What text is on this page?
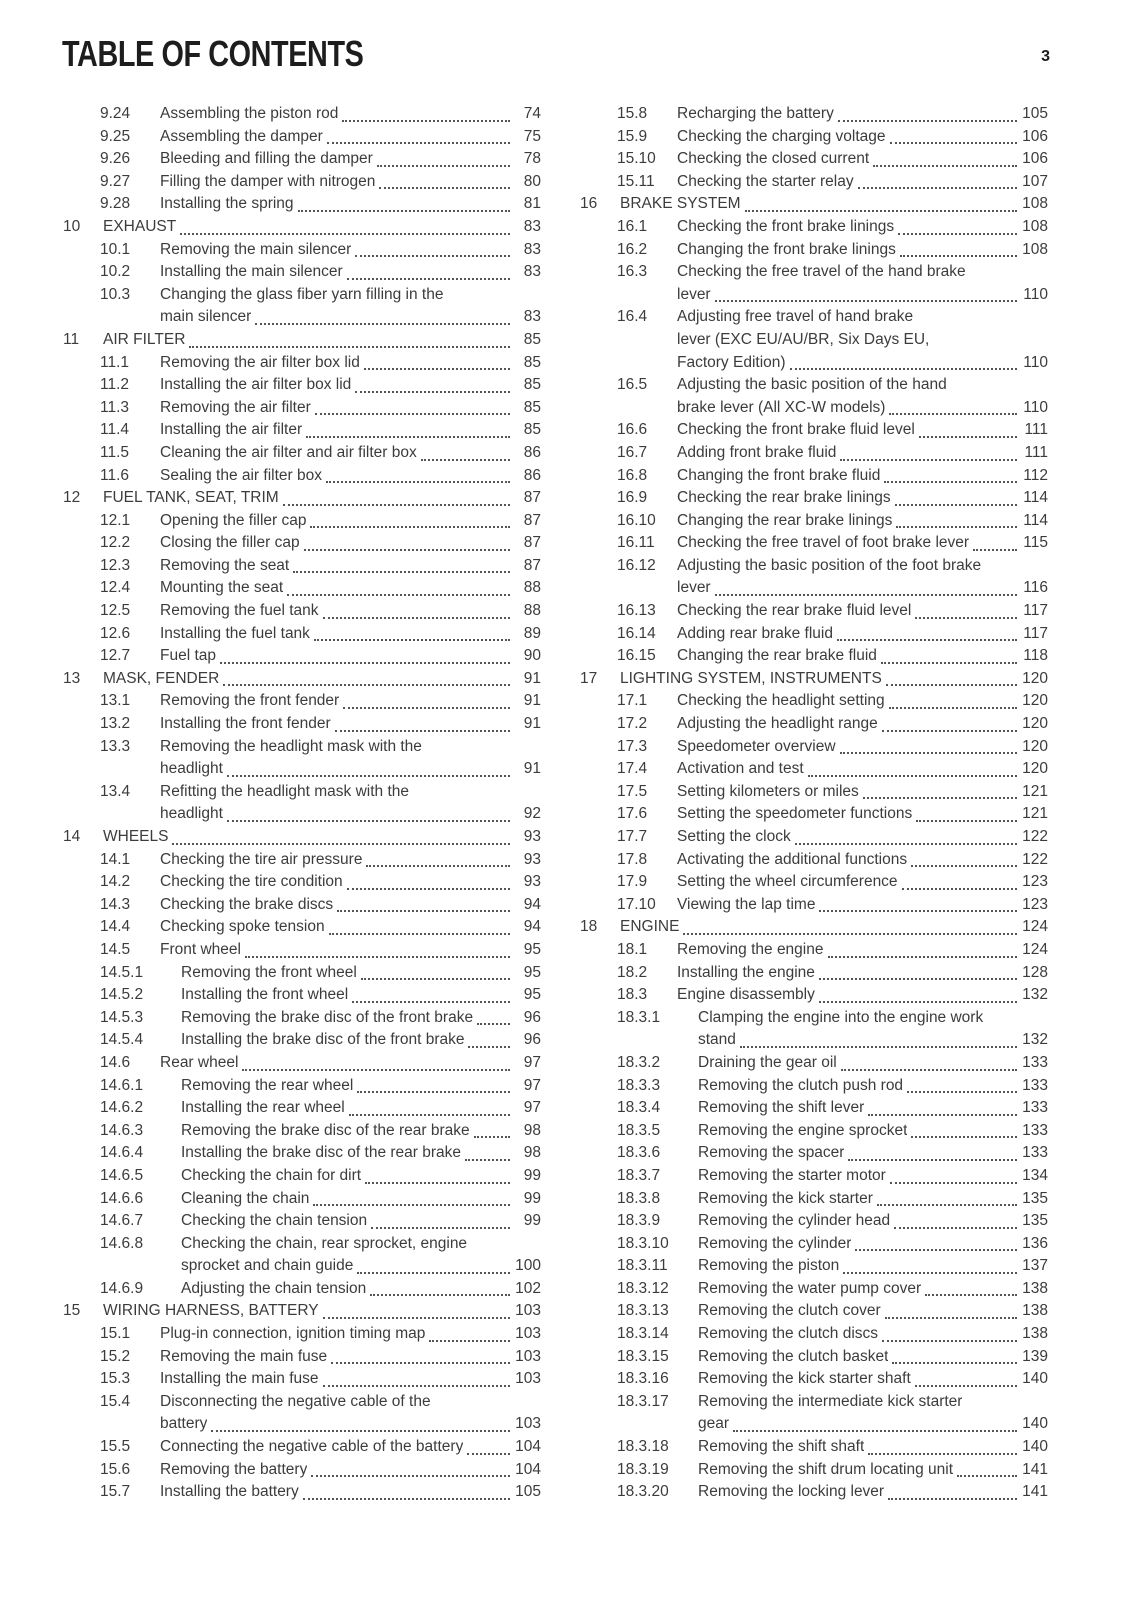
TABLE OF CONTENTS	3
9.24	Assembling the piston rod	74
9.25	Assembling the damper	75
9.26	Bleeding and filling the damper	78
9.27	Filling the damper with nitrogen	80
9.28	Installing the spring	81
10	EXHAUST	83
10.1	Removing the main silencer	83
10.2	Installing the main silencer	83
10.3	Changing the glass fiber yarn filling in the
main silencer	83
11	AIR FILTER	85
11.1	Removing the air filter box lid	85
11.2	Installing the air filter box lid	85
11.3	Removing the air filter	85
11.4	Installing the air filter	85
11.5	Cleaning the air filter and air filter box	86
11.6	Sealing the air filter box	86
12	FUEL TANK, SEAT, TRIM	87
12.1	Opening the filler cap	87
12.2	Closing the filler cap	87
12.3	Removing the seat	87
12.4	Mounting the seat	88
12.5	Removing the fuel tank	88
12.6	Installing the fuel tank	89
12.7	Fuel tap	90
13	MASK, FENDER	91
13.1	Removing the front fender	91
13.2	Installing the front fender	91
13.3	Removing the headlight mask with the
headlight	91
13.4	Refitting the headlight mask with the
headlight	92
14	WHEELS	93
14.1	Checking the tire air pressure	93
14.2	Checking the tire condition	93
14.3	Checking the brake discs	94
14.4	Checking spoke tension	94
14.5	Front wheel	95
14.5.1	Removing the front wheel	95
14.5.2	Installing the front wheel	95
14.5.3	Removing the brake disc of the front brake	96
14.5.4	Installing the brake disc of the front brake	96
14.6	Rear wheel	97
14.6.1	Removing the rear wheel	97
14.6.2	Installing the rear wheel	97
14.6.3	Removing the brake disc of the rear brake	98
14.6.4	Installing the brake disc of the rear brake	98
14.6.5	Checking the chain for dirt	99
14.6.6	Cleaning the chain	99
14.6.7	Checking the chain tension	99
14.6.8	Checking the chain, rear sprocket, engine
sprocket and chain guide	100
14.6.9	Adjusting the chain tension	102
15	WIRING HARNESS, BATTERY	103
15.1	Plug-in connection, ignition timing map	103
15.2	Removing the main fuse	103
15.3	Installing the main fuse	103
15.4	Disconnecting the negative cable of the
battery	103
15.5	Connecting the negative cable of the battery	104
15.6	Removing the battery	104
15.7	Installing the battery	105
15.8	Recharging the battery	105
15.9	Checking the charging voltage	106
15.10	Checking the closed current	106
15.11	Checking the starter relay	107
16	BRAKE SYSTEM	108
16.1	Checking the front brake linings	108
16.2	Changing the front brake linings	108
16.3	Checking the free travel of the hand brake
lever	110
16.4	Adjusting free travel of hand brake
lever (EXC EU/AU/BR, Six Days EU,
Factory Edition)	110
16.5	Adjusting the basic position of the hand
brake lever (All XC-W models)	110
16.6	Checking the front brake fluid level	111
16.7	Adding front brake fluid	111
16.8	Changing the front brake fluid	112
16.9	Checking the rear brake linings	114
16.10	Changing the rear brake linings	114
16.11	Checking the free travel of foot brake lever	115
16.12	Adjusting the basic position of the foot brake
lever	116
16.13	Checking the rear brake fluid level	117
16.14	Adding rear brake fluid	117
16.15	Changing the rear brake fluid	118
17	LIGHTING SYSTEM, INSTRUMENTS	120
17.1	Checking the headlight setting	120
17.2	Adjusting the headlight range	120
17.3	Speedometer overview	120
17.4	Activation and test	120
17.5	Setting kilometers or miles	121
17.6	Setting the speedometer functions	121
17.7	Setting the clock	122
17.8	Activating the additional functions	122
17.9	Setting the wheel circumference	123
17.10	Viewing the lap time	123
18	ENGINE	124
18.1	Removing the engine	124
18.2	Installing the engine	128
18.3	Engine disassembly	132
18.3.1	Clamping the engine into the engine work
stand	132
18.3.2	Draining the gear oil	133
18.3.3	Removing the clutch push rod	133
18.3.4	Removing the shift lever	133
18.3.5	Removing the engine sprocket	133
18.3.6	Removing the spacer	133
18.3.7	Removing the starter motor	134
18.3.8	Removing the kick starter	135
18.3.9	Removing the cylinder head	135
18.3.10	Removing the cylinder	136
18.3.11	Removing the piston	137
18.3.12	Removing the water pump cover	138
18.3.13	Removing the clutch cover	138
18.3.14	Removing the clutch discs	138
18.3.15	Removing the clutch basket	139
18.3.16	Removing the kick starter shaft	140
18.3.17	Removing the intermediate kick starter
gear	140
18.3.18	Removing the shift shaft	140
18.3.19	Removing the shift drum locating unit	141
18.3.20	Removing the locking lever	141
